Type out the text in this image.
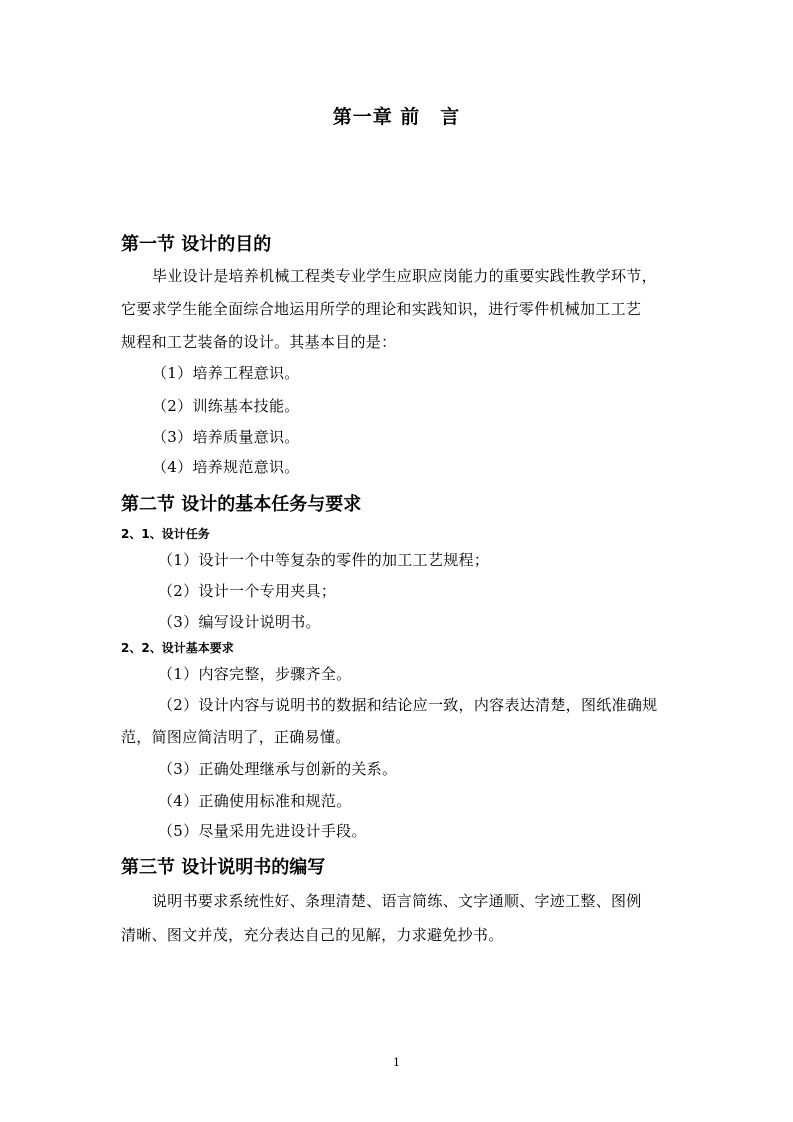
第一章 前　言
第一节 设计的目的
毕业设计是培养机械工程类专业学生应职应岗能力的重要实践性教学环节，
它要求学生能全面综合地运用所学的理论和实践知识，进行零件机械加工工艺
规程和工艺装备的设计。其基本目的是：
（1）培养工程意识。
（2）训练基本技能。
（3）培养质量意识。
（4）培养规范意识。
第二节 设计的基本任务与要求
2、1、设计任务
（1）设计一个中等复杂的零件的加工工艺规程；
（2）设计一个专用夹具；
（3）编写设计说明书。
2、2、设计基本要求
（1）内容完整，步骤齐全。
（2）设计内容与说明书的数据和结论应一致，内容表达清楚，图纸准确规
范，简图应简洁明了，正确易懂。
（3）正确处理继承与创新的关系。
（4）正确使用标准和规范。
（5）尽量采用先进设计手段。
第三节 设计说明书的编写
说明书要求系统性好、条理清楚、语言简练、文字通顺、字迹工整、图例
清晰、图文并茂，充分表达自己的见解，力求避免抄书。
1
